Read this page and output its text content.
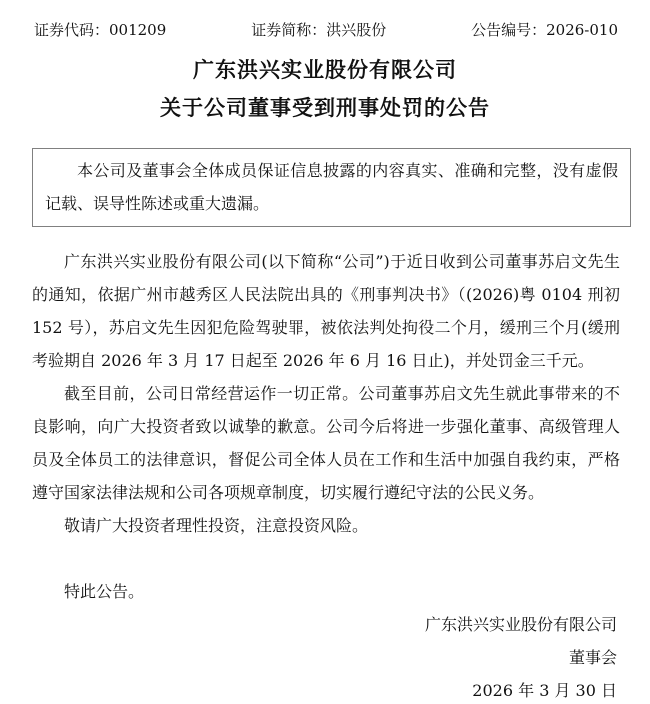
证券代码：001209	证券简称：洪兴股份	公告编号：2026-010
广东洪兴实业股份有限公司
关于公司董事受到刑事处罚的公告

本公司及董事会全体成员保证信息披露的内容真实、准确和完整，没有虚假记载、误导性陈述或重大遗漏。

广东洪兴实业股份有限公司(以下简称“公司”)于近日收到公司董事苏启文先生的通知，依据广州市越秀区人民法院出具的《刑事判决书》（(2026)粤 0104 刑初 152 号），苏启文先生因犯危险驾驶罪，被依法判处拘役二个月，缓刑三个月(缓刑考验期自 2026 年 3 月 17 日起至 2026 年 6 月 16 日止)，并处罚金三千元。

截至目前，公司日常经营运作一切正常。公司董事苏启文先生就此事带来的不良影响，向广大投资者致以诚挚的歉意。公司今后将进一步强化董事、高级管理人员及全体员工的法律意识，督促公司全体人员在工作和生活中加强自我约束，严格遵守国家法律法规和公司各项规章制度，切实履行遵纪守法的公民义务。

敬请广大投资者理性投资，注意投资风险。

特此公告。

广东洪兴实业股份有限公司

董事会

2026 年 3 月 30 日
